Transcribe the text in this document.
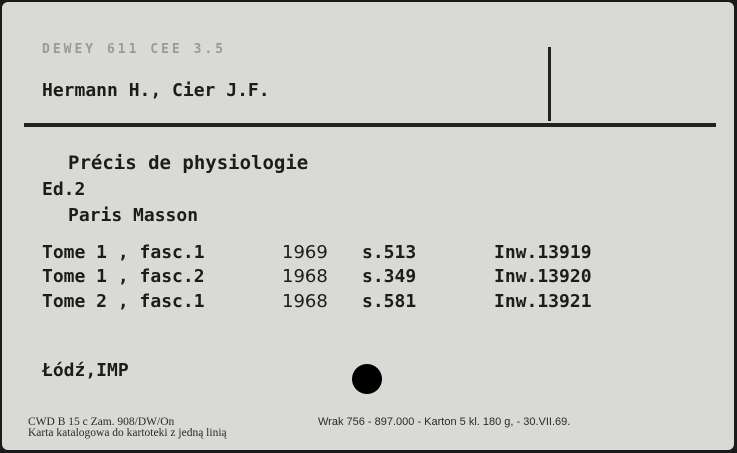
DEWEY 611 CEE 3.5
Hermann H., Cier J.F.
Précis de physiologie
Ed.2
Paris Masson
Tome 1 , fasc.1	1969 s.513	Inw.13919
Tome 1 , fasc.2	1968 s.349	Inw.13920
Tome 2 , fasc.1	1968 s.581	Inw.13921
Łódź,IMP
CWD B 15 c Zam. 908/DW/On	Wrak 756 - 897.000 - Karton 5 kl. 180 g, - 30.VII.69.
Karta katalogowa do kartoteki z jedną linią
